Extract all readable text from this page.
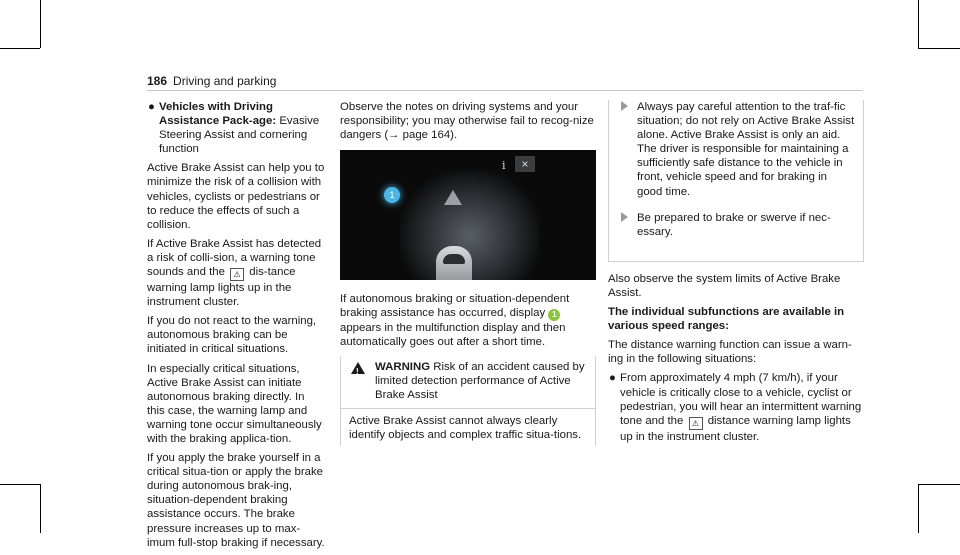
186 Driving and parking
● Vehicles with Driving Assistance Pack-age: Evasive Steering Assist and cornering function

Active Brake Assist can help you to minimize the risk of a collision with vehicles, cyclists or pedestrians or to reduce the effects of such a collision.

If Active Brake Assist has detected a risk of colli-sion, a warning tone sounds and the ⚠ dis-tance warning lamp lights up in the instrument cluster.

If you do not react to the warning, autonomous braking can be initiated in critical situations.

In especially critical situations, Active Brake Assist can initiate autonomous braking directly. In this case, the warning lamp and warning tone occur simultaneously with the braking applica-tion.

If you apply the brake yourself in a critical situa-tion or apply the brake during autonomous brak-ing, situation-dependent braking assistance occurs. The brake pressure increases up to max-imum full-stop braking if necessary.

Observe the notes on driving systems and your responsibility; you may otherwise fail to recog-nize dangers (→ page 164).

i	×
1

If autonomous braking or situation-dependent braking assistance has occurred, display 1 appears in the multifunction display and then automatically goes out after a short time.

! WARNING Risk of an accident caused by limited detection performance of Active Brake Assist
Active Brake Assist cannot always clearly identify objects and complex traffic situa-tions.
Always pay careful attention to the traf-fic situation; do not rely on Active Brake Assist alone. Active Brake Assist is only an aid. The driver is responsible for maintaining a sufficiently safe distance to the vehicle in front, vehicle speed and for braking in good time.
Be prepared to brake or swerve if nec-essary.

Also observe the system limits of Active Brake Assist.

The individual subfunctions are available in various speed ranges:

The distance warning function can issue a warn-ing in the following situations:

● From approximately 4 mph (7 km/h), if your vehicle is critically close to a vehicle, cyclist or pedestrian, you will hear an intermittent warning tone and the ⚠ distance warning lamp lights up in the instrument cluster.
